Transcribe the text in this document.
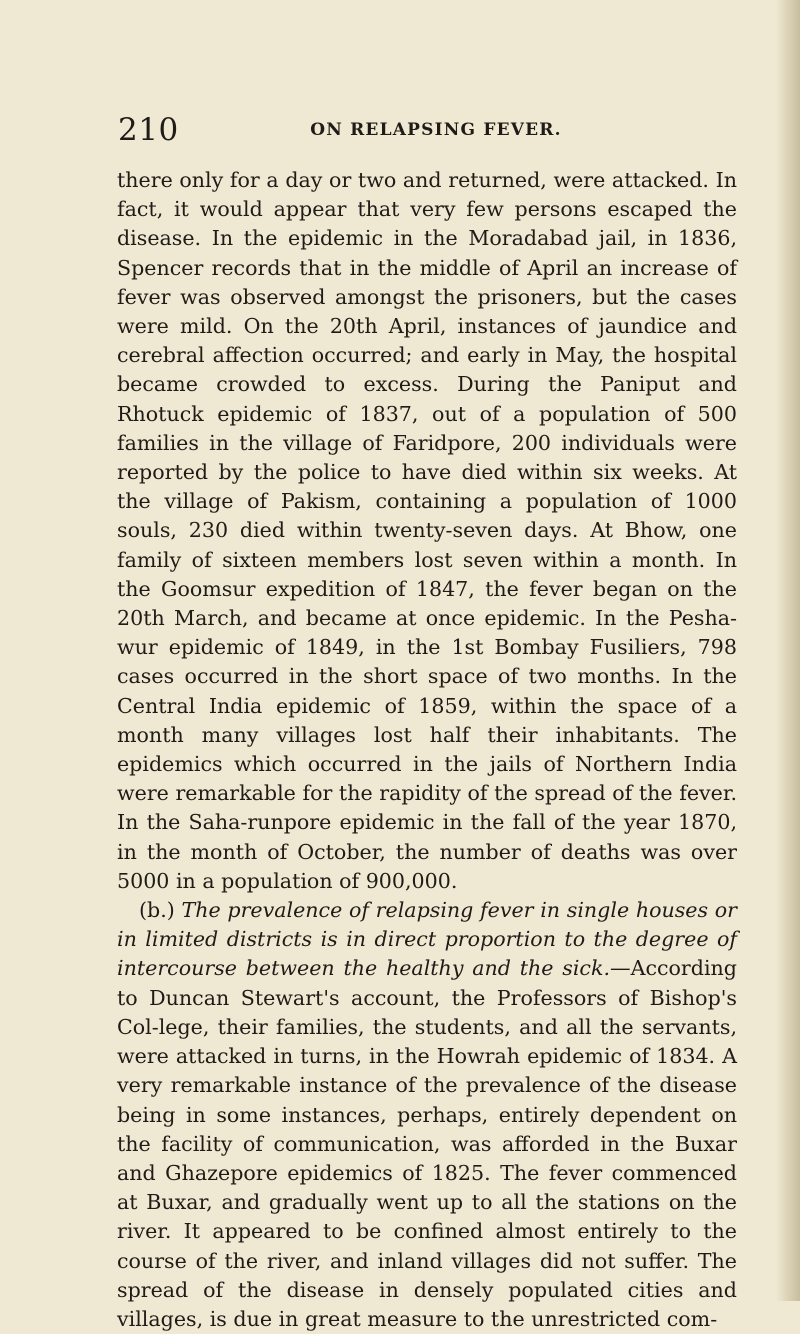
210	ON RELAPSING FEVER.

there only for a day or two and returned, were attacked. In fact, it would appear that very few persons escaped the disease. In the epidemic in the Moradabad jail, in 1836, Spencer records that in the middle of April an increase of fever was observed amongst the prisoners, but the cases were mild. On the 20th April, instances of jaundice and cerebral affection occurred; and early in May, the hospital became crowded to excess. During the Paniput and Rhotuck epidemic of 1837, out of a population of 500 families in the village of Faridpore, 200 individuals were reported by the police to have died within six weeks. At the village of Pakism, containing a population of 1000 souls, 230 died within twenty-seven days. At Bhow, one family of sixteen members lost seven within a month. In the Goomsur expedition of 1847, the fever began on the 20th March, and became at once epidemic. In the Pesha-wur epidemic of 1849, in the 1st Bombay Fusiliers, 798 cases occurred in the short space of two months. In the Central India epidemic of 1859, within the space of a month many villages lost half their inhabitants. The epidemics which occurred in the jails of Northern India were remarkable for the rapidity of the spread of the fever. In the Saha-runpore epidemic in the fall of the year 1870, in the month of October, the number of deaths was over 5000 in a population of 900,000.

(b.) The prevalence of relapsing fever in single houses or in limited districts is in direct proportion to the degree of intercourse between the healthy and the sick.—According to Duncan Stewart's account, the Professors of Bishop's Col-lege, their families, the students, and all the servants, were attacked in turns, in the Howrah epidemic of 1834. A very remarkable instance of the prevalence of the disease being in some instances, perhaps, entirely dependent on the facility of communication, was afforded in the Buxar and Ghazepore epidemics of 1825. The fever commenced at Buxar, and gradually went up to all the stations on the river. It appeared to be confined almost entirely to the course of the river, and inland villages did not suffer. The spread of the disease in densely populated cities and villages, is due in great measure to the unrestricted com-
